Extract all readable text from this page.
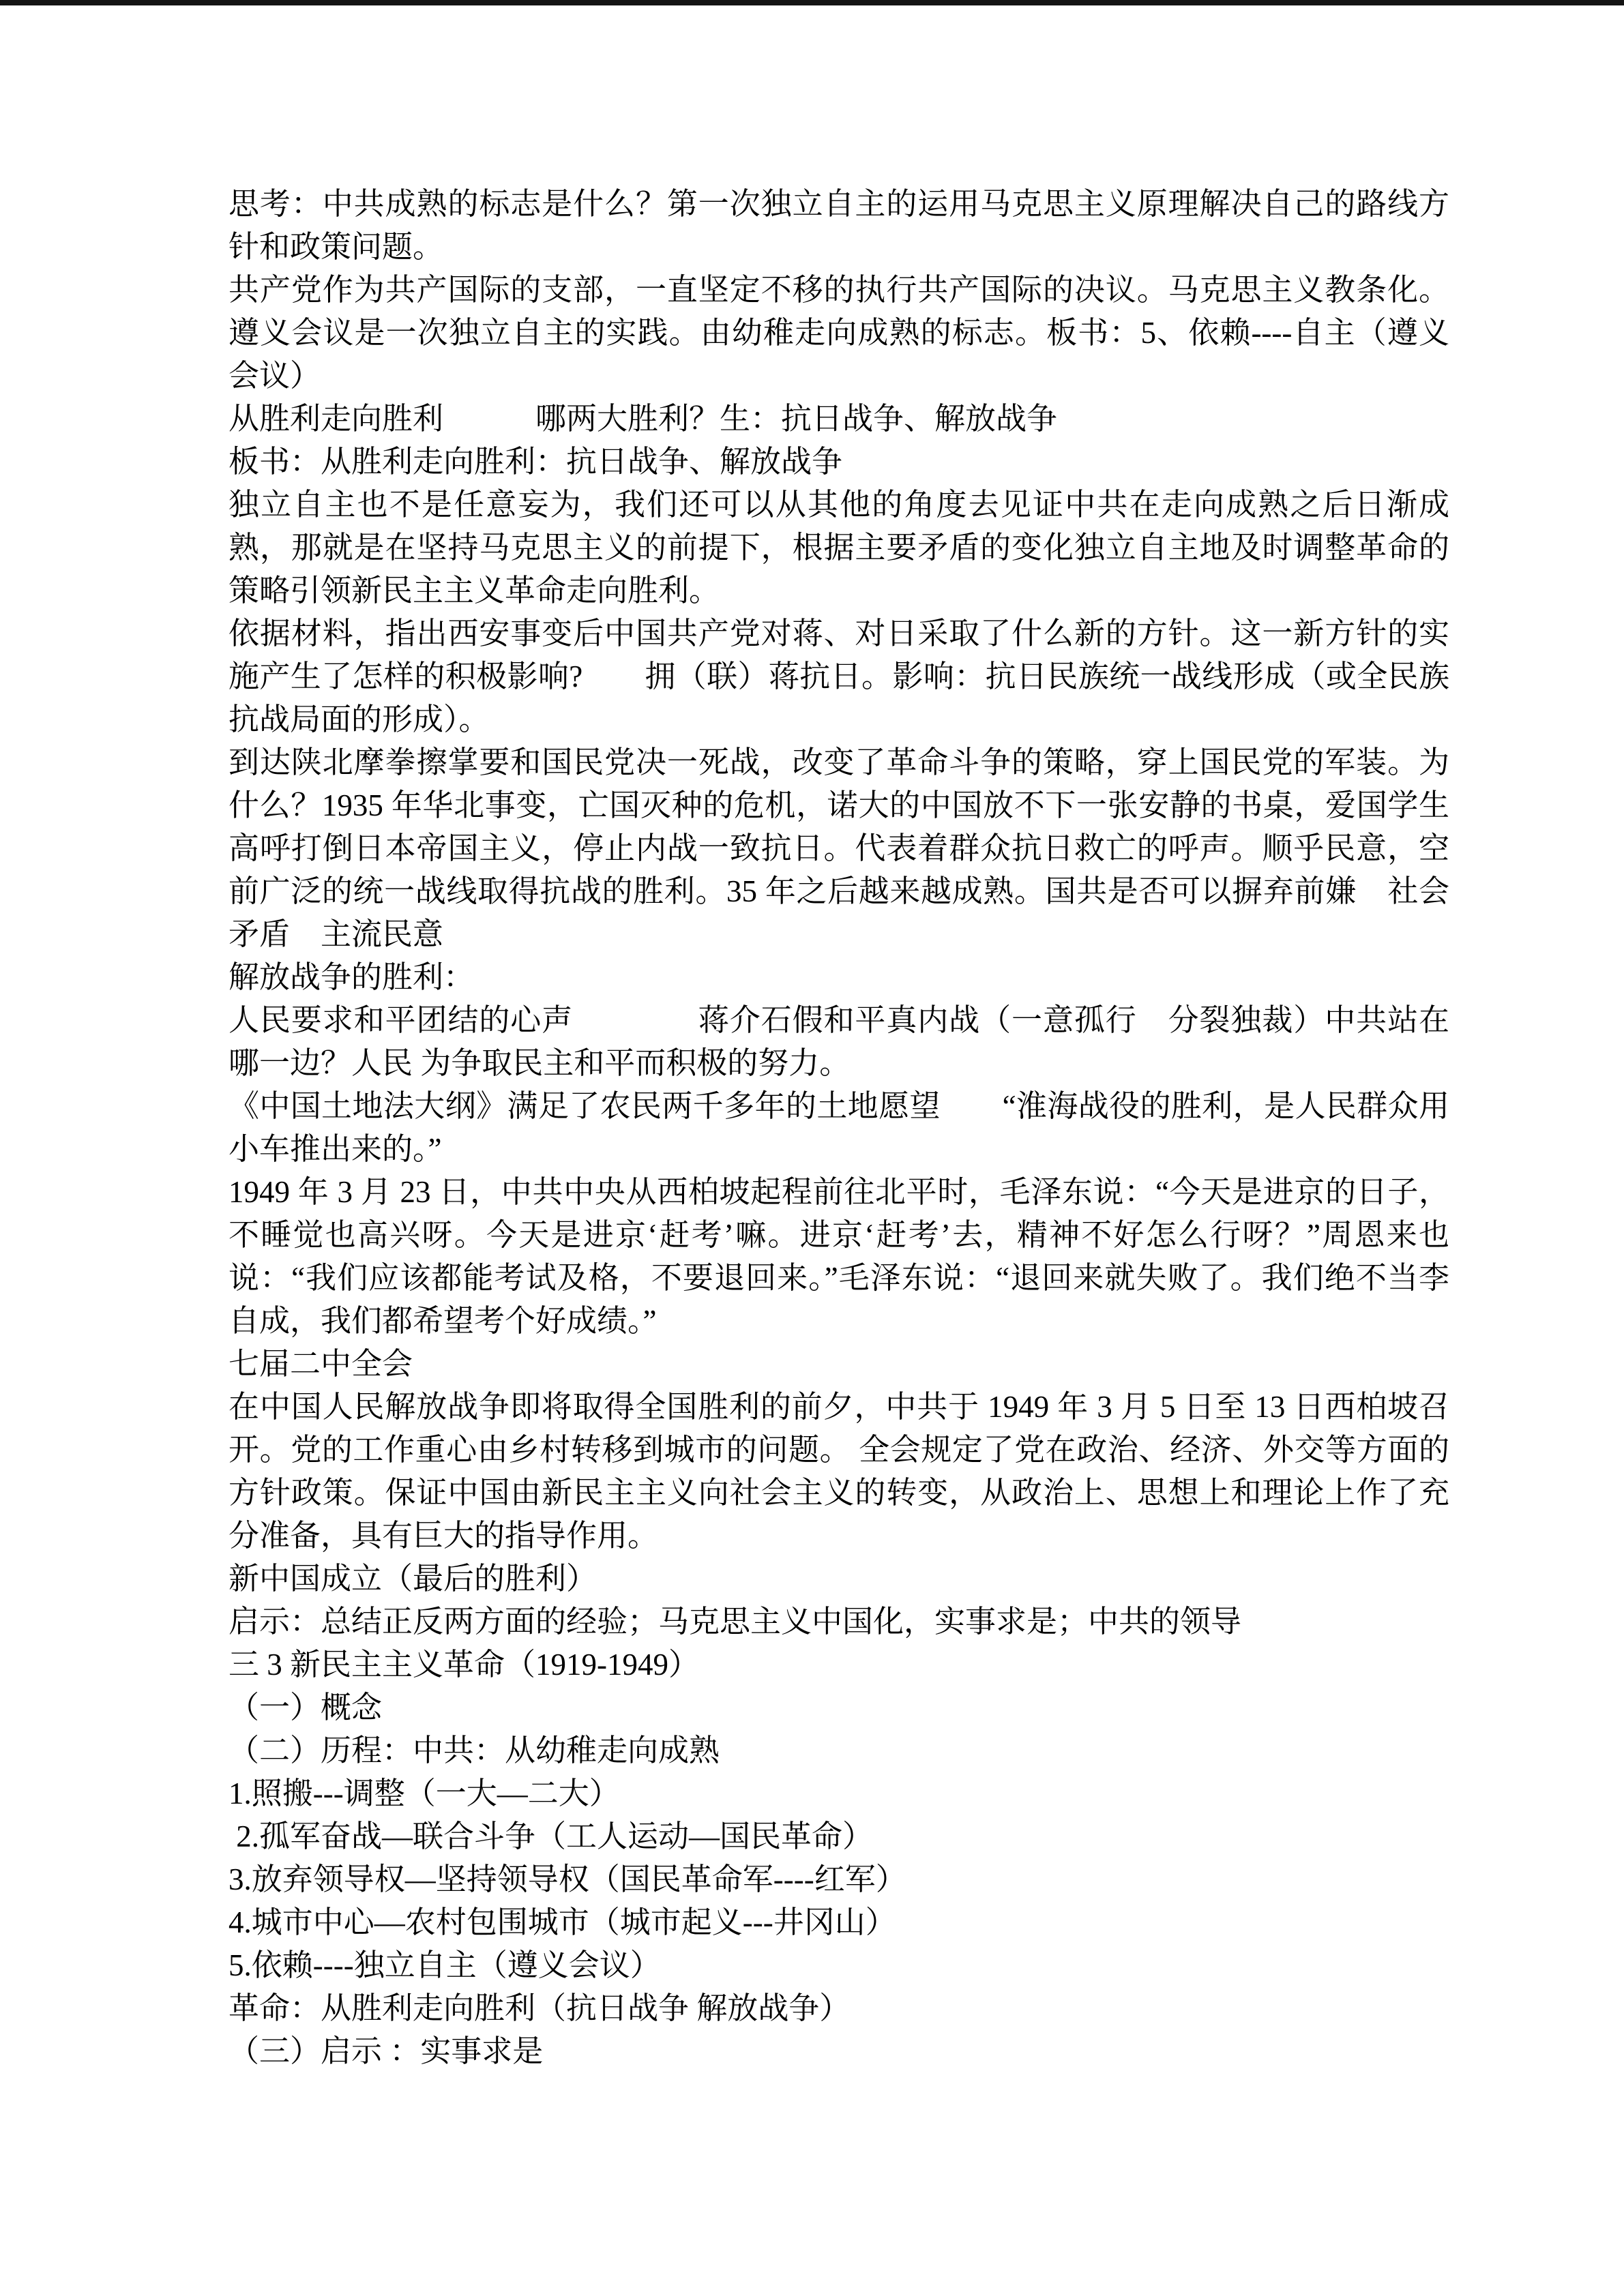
思考：中共成熟的标志是什么？第一次独立自主的运用马克思主义原理解决自己的路线方针和政策问题。

共产党作为共产国际的支部，一直坚定不移的执行共产国际的决议。马克思主义教条化。遵义会议是一次独立自主的实践。由幼稚走向成熟的标志。板书：5、依赖----自主（遵义会议）

从胜利走向胜利　　　哪两大胜利？生：抗日战争、解放战争

板书：从胜利走向胜利：抗日战争、解放战争

独立自主也不是任意妄为，我们还可以从其他的角度去见证中共在走向成熟之后日渐成熟，那就是在坚持马克思主义的前提下，根据主要矛盾的变化独立自主地及时调整革命的策略引领新民主主义革命走向胜利。

依据材料，指出西安事变后中国共产党对蒋、对日采取了什么新的方针。这一新方针的实施产生了怎样的积极影响?　　拥（联）蒋抗日。影响：抗日民族统一战线形成（或全民族抗战局面的形成）。

到达陕北摩拳擦掌要和国民党决一死战，改变了革命斗争的策略，穿上国民党的军装。为什么？1935 年华北事变，亡国灭种的危机，诺大的中国放不下一张安静的书桌，爱国学生高呼打倒日本帝国主义，停止内战一致抗日。代表着群众抗日救亡的呼声。顺乎民意，空前广泛的统一战线取得抗战的胜利。35 年之后越来越成熟。国共是否可以摒弃前嫌　社会矛盾　主流民意

解放战争的胜利：

人民要求和平团结的心声　　　　蒋介石假和平真内战（一意孤行　分裂独裁）中共站在哪一边？人民 为争取民主和平而积极的努力。

《中国土地法大纲》满足了农民两千多年的土地愿望　　“淮海战役的胜利，是人民群众用小车推出来的。”

1949 年 3 月 23 日，中共中央从西柏坡起程前往北平时，毛泽东说：“今天是进京的日子，不睡觉也高兴呀。今天是进京‘赶考’嘛。进京‘赶考’去，精神不好怎么行呀？”周恩来也说：“我们应该都能考试及格，不要退回来。”毛泽东说：“退回来就失败了。我们绝不当李自成，我们都希望考个好成绩。”

七届二中全会

在中国人民解放战争即将取得全国胜利的前夕，中共于 1949 年 3 月 5 日至 13 日西柏坡召开。党的工作重心由乡村转移到城市的问题。 全会规定了党在政治、经济、外交等方面的方针政策。保证中国由新民主主义向社会主义的转变，从政治上、思想上和理论上作了充分准备，具有巨大的指导作用。

新中国成立（最后的胜利）

启示：总结正反两方面的经验；马克思主义中国化，实事求是；中共的领导

三 3 新民主主义革命（1919-1949）

（一）概念

（二）历程：中共：从幼稚走向成熟

1.照搬---调整（一大—二大）

2.孤军奋战—联合斗争（工人运动—国民革命）

3.放弃领导权—坚持领导权（国民革命军----红军）

4.城市中心—农村包围城市（城市起义---井冈山）

5.依赖----独立自主（遵义会议）

革命：从胜利走向胜利（抗日战争 解放战争）

（三）启示 ：实事求是
